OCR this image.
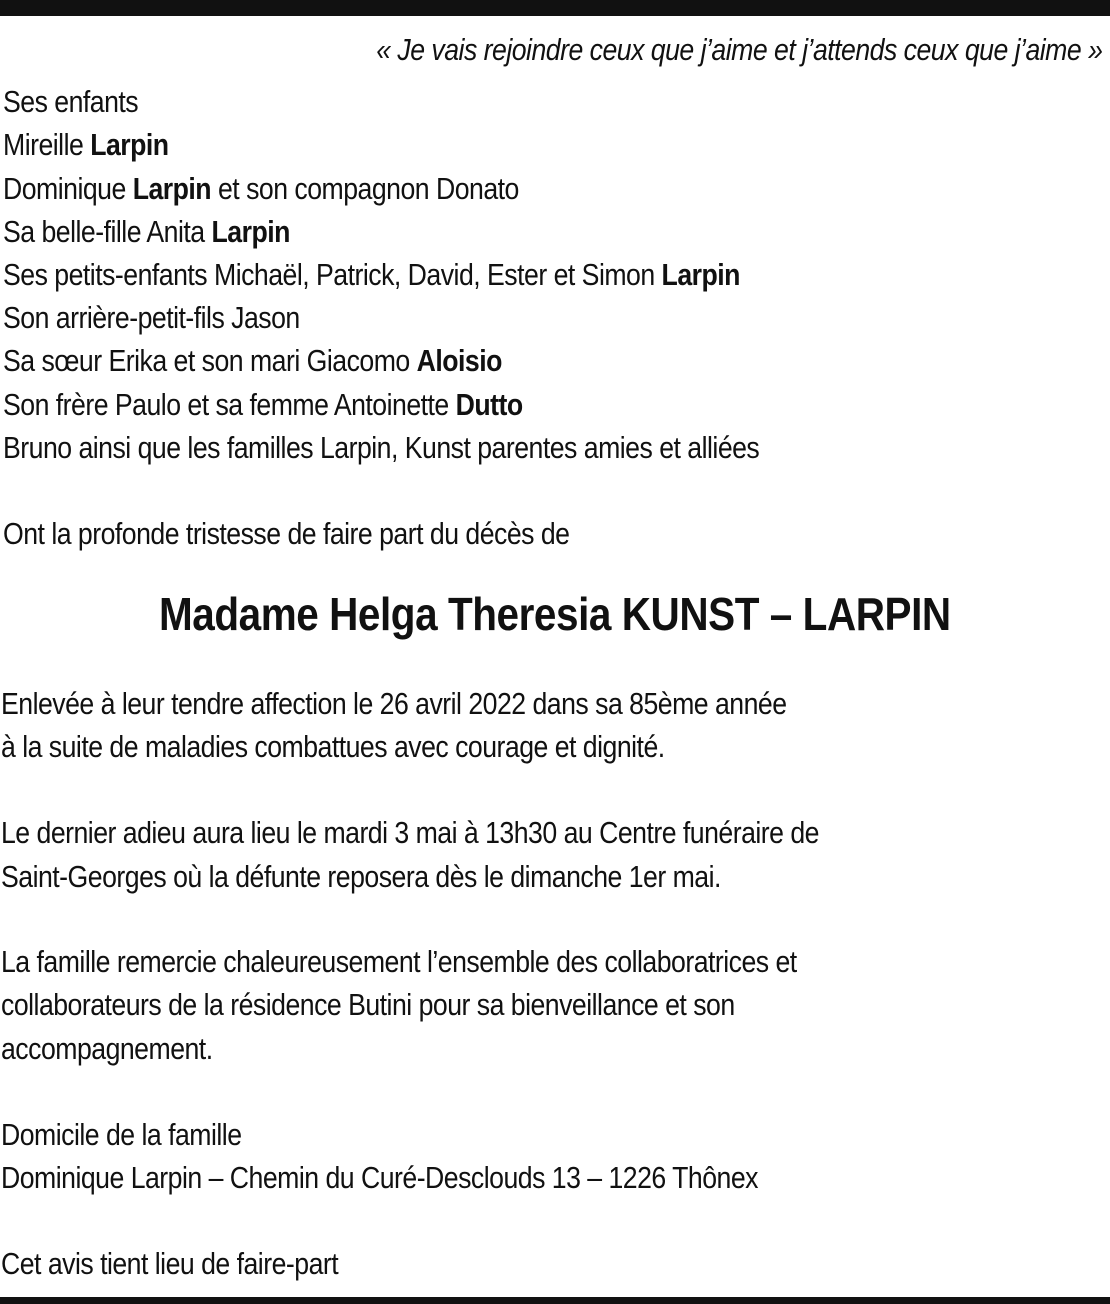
« Je vais rejoindre ceux que j’aime et j’attends ceux que j’aime »
Ses enfants
Mireille Larpin
Dominique Larpin et son compagnon Donato
Sa belle-fille Anita Larpin
Ses petits-enfants Michaël, Patrick, David, Ester et Simon Larpin
Son arrière-petit-fils Jason
Sa sœur Erika et son mari Giacomo Aloisio
Son frère Paulo et sa femme Antoinette Dutto
Bruno ainsi que les familles Larpin, Kunst parentes amies et alliées
Ont la profonde tristesse de faire part du décès de
Madame Helga Theresia KUNST – LARPIN
Enlevée à leur tendre affection le 26 avril 2022 dans sa 85ème année
à la suite de maladies combattues avec courage et dignité.
Le dernier adieu aura lieu le mardi 3 mai à 13h30 au Centre funéraire de
Saint-Georges où la défunte reposera dès le dimanche 1er mai.
La famille remercie chaleureusement l’ensemble des collaboratrices et
collaborateurs de la résidence Butini pour sa bienveillance et son
accompagnement.
Domicile de la famille
Dominique Larpin – Chemin du Curé-Desclouds 13 – 1226 Thônex
Cet avis tient lieu de faire-part
